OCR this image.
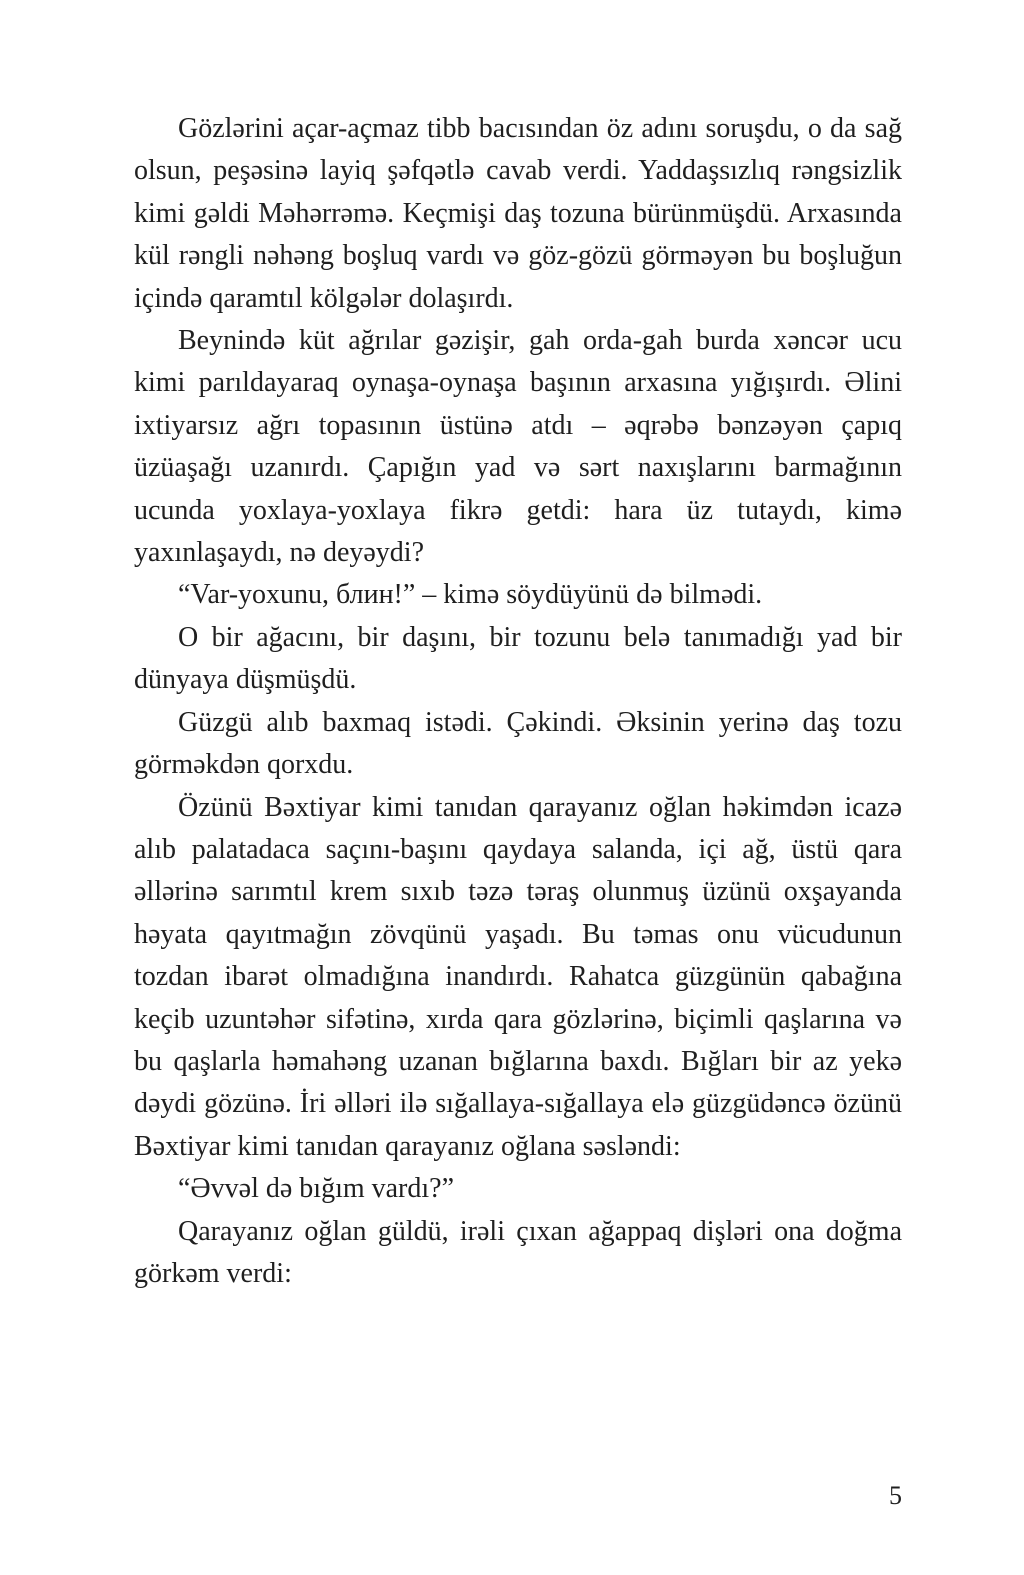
Gözlərini açar-açmaz tibb bacısından öz adını soruşdu, o da sağ olsun, peşəsinə layiq şəfqətlə cavab verdi. Yaddaşsızlıq rəngsizlik kimi gəldi Məhərrəmə. Keçmişi daş tozuna bürünmüşdü. Arxasında kül rəngli nəhəng boşluq vardı və göz-gözü görməyən bu boşluğun içində qaramtıl kölgələr dolaşırdı.

Beynində küt ağrılar gəzişir, gah orda-gah burda xəncər ucu kimi parıldayaraq oynaşa-oynaşa başının arxasına yığışırdı. Əlini ixtiyarsız ağrı topasının üstünə atdı – əqrəbə bənzəyən çapıq üzüaşağı uzanırdı. Çapığın yad və sərt naxışlarını barmağının ucunda yoxlaya-yoxlaya fikrə getdi: hara üz tutaydı, kimə yaxınlaşaydı, nə deyəydi?

“Var-yoxunu, блин!” – kimə söydüyünü də bilmədi.

O bir ağacını, bir daşını, bir tozunu belə tanımadığı yad bir dünyaya düşmüşdü.

Güzgü alıb baxmaq istədi. Çəkindi. Əksinin yerinə daş tozu görməkdən qorxdu.

Özünü Bəxtiyar kimi tanıdan qarayanız oğlan həkimdən icazə alıb palatadaca saçını-başını qaydaya salanda, içi ağ, üstü qara əllərinə sarımtıl krem sıxıb təzə təraş olunmuş üzünü oxşayanda həyata qayıtmağın zövqünü yaşadı. Bu təmas onu vücudunun tozdan ibarət olmadığına inandırdı. Rahatca güzgünün qabağına keçib uzuntəhər sifətinə, xırda qara gözlərinə, biçimli qaşlarına və bu qaşlarla həmahəng uzanan bığlarına baxdı. Bığları bir az yekə dəydi gözünə. İri əlləri ilə sığallaya-sığallaya elə güzgüdəncə özünü Bəxtiyar kimi tanıdan qarayanız oğlana səsləndi:

“Əvvəl də bığım vardı?”

Qarayanız oğlan güldü, irəli çıxan ağappaq dişləri ona doğma görkəm verdi:

5
